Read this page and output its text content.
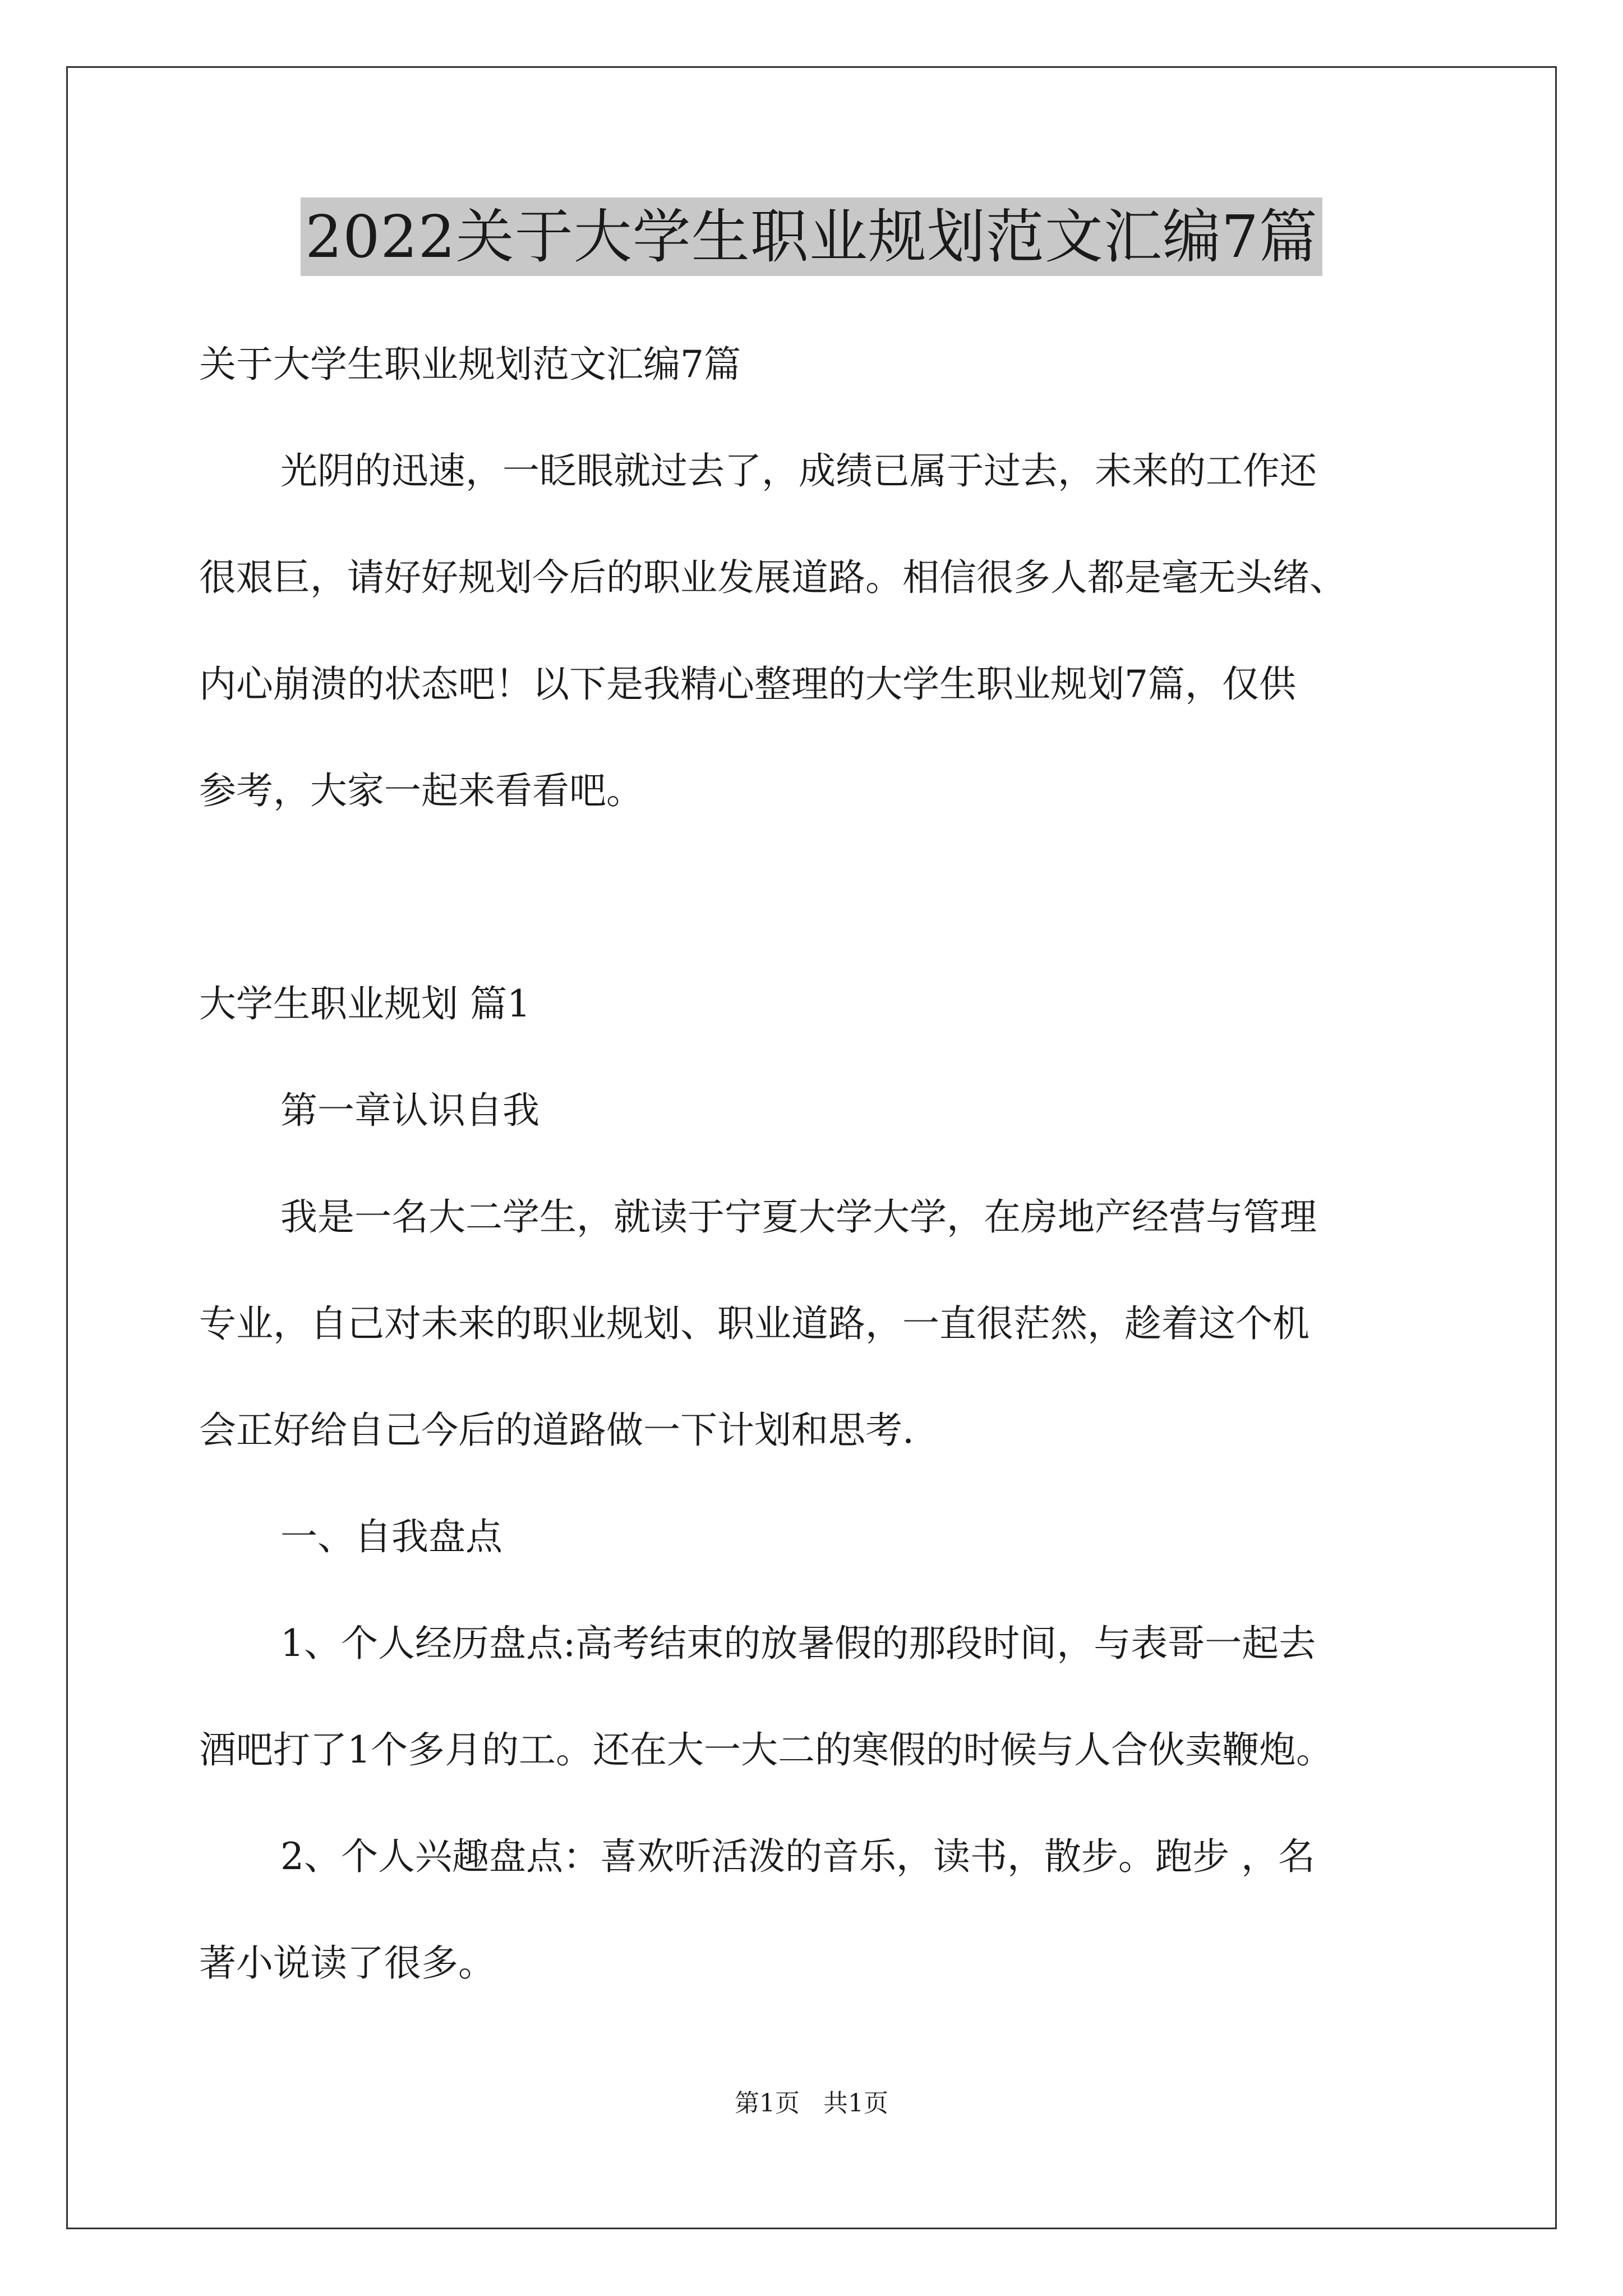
2022关于大学生职业规划范文汇编7篇

关于大学生职业规划范文汇编7篇

光阴的迅速，一眨眼就过去了，成绩已属于过去，未来的工作还

很艰巨，请好好规划今后的职业发展道路。相信很多人都是毫无头绪、

内心崩溃的状态吧！以下是我精心整理的大学生职业规划7篇，仅供

参考，大家一起来看看吧。

大学生职业规划 篇1

第一章认识自我

我是一名大二学生，就读于宁夏大学大学，在房地产经营与管理

专业，自己对未来的职业规划、职业道路，一直很茫然，趁着这个机

会正好给自己今后的道路做一下计划和思考.

一、自我盘点

1、个人经历盘点:高考结束的放暑假的那段时间，与表哥一起去

酒吧打了1个多月的工。还在大一大二的寒假的时候与人合伙卖鞭炮。

2、个人兴趣盘点：喜欢听活泼的音乐，读书，散步。跑步 ，名

著小说读了很多。

第1页   共1页
